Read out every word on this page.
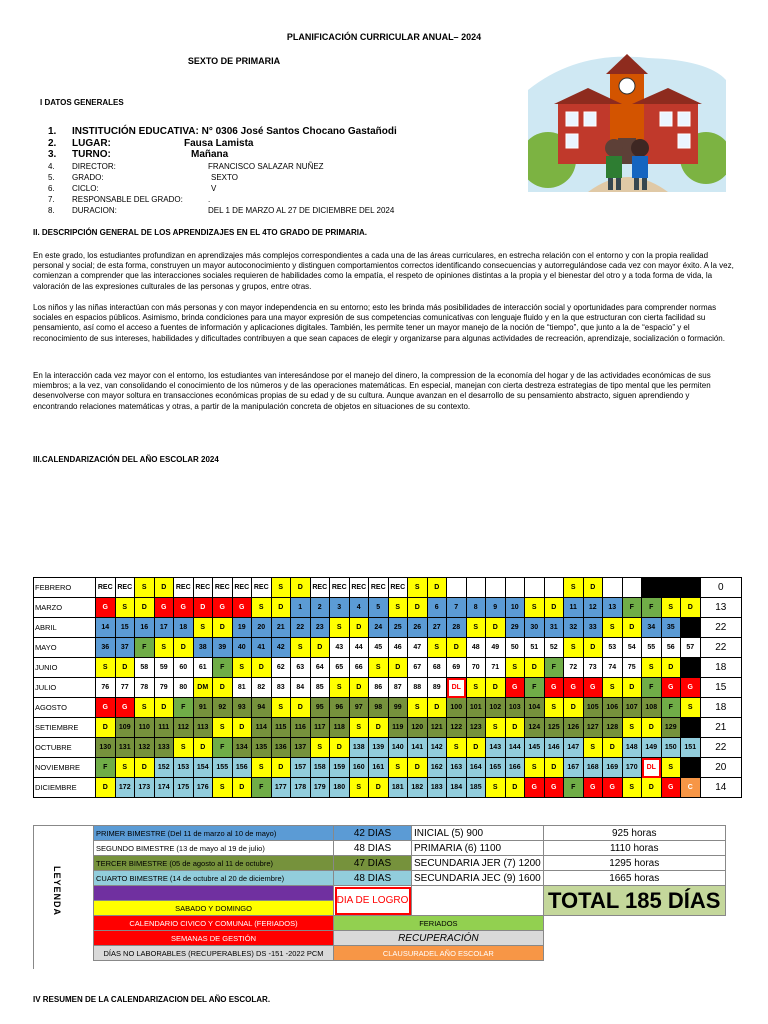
PLANIFICACIÓN CURRICULAR ANUAL– 2024
SEXTO DE PRIMARIA
I DATOS GENERALES
1. INSTITUCIÓN EDUCATIVA: N° 0306 José Santos Chocano Gastañodi
2. LUGAR:	Fausa Lamista
3. TURNO:	Mañana
4. DIRECTOR:	FRANCISCO SALAZAR NUÑEZ
5. GRADO:	SEXTO
6. CICLO:	V
7. RESPONSABLE DEL GRADO:	.
8. DURACION:	DEL 1 DE MARZO AL 27 DE DICIEMBRE DEL 2024
II. DESCRIPCIÓN GENERAL DE LOS APRENDIZAJES EN EL 4TO GRADO DE PRIMARIA.
En este grado, los estudiantes profundizan en aprendizajes más complejos correspondientes a cada una de las áreas curriculares, en estrecha relación con el entorno y con la propia realidad personal y social; de esta forma, construyen un mayor autoconocimiento y distinguen comportamientos correctos identificando consecuencias y autorregulándose cada vez con mayor éxito. A la vez, comienzan a comprender que las interacciones sociales requieren de habilidades como la empatía, el respeto de opiniones distintas a la propia y el bienestar del otro y a toda forma de vida, la valoración de las expresiones culturales de las personas y grupos, entre otras.
Los niños y las niñas interactúan con más personas y con mayor independencia en su entorno; esto les brinda más posibilidades de interacción social y oportunidades para comprender normas sociales en espacios públicos. Asimismo, brinda condiciones para una mayor expresión de sus competencias comunicativas con lenguaje fluido y en la que estructuran con cierta facilidad su pensamiento, así como el acceso a fuentes de información y aplicaciones digitales. También, les permite tener un mayor manejo de la noción de “tiempo”, que junto a la de “espacio” y el reconocimiento de sus intereses, habilidades y dificultades contribuyen a que sean capaces de elegir y organizarse para algunas actividades de recreación, aprendizaje, socialización o formación.
En la interacción cada vez mayor con el entorno, los estudiantes van interesándose por el manejo del dinero, la compression de la economía del hogar y de las actividades económicas de sus miembros; a la vez, van consolidando el conocimiento de los números y de las operaciones matemáticas. En especial, manejan con cierta destreza estrategias de tipo mental que les permiten desenvolverse con mayor soltura en transacciones económicas propias de su edad y de su cultura. Aunque avanzan en el desarrollo de su pensamiento abstracto, siguen aprendiendo y encontrando relaciones matemáticas y otras, a partir de la manipulación concreta de objetos en situaciones de su contexto.
III.CALENDARIZACIÓN DEL AÑO ESCOLAR 2024
FEBRERO	REC	REC	S	D	REC	REC	REC	REC	REC	S	D	REC	REC	REC	REC	REC	S	D							S	D						0
MARZO	G	S	D	G	G	D	G	G	S	D	1	2	3	4	5	S	D	6	7	8	9	10	S	D	11	12	13	F	F	S	D	13
ABRIL	14	15	16	17	18	S	D	19	20	21	22	23	S	D	24	25	26	27	28	S	D	29	30	31	32	33	S	D	34	35		22
MAYO	36	37	F	S	D	38	39	40	41	42	S	D	43	44	45	46	47	S	D	48	49	50	51	52	S	D	53	54	55	56	57	22
JUNIO	S	D	58	59	60	61	F	S	D	62	63	64	65	66	S	D	67	68	69	70	71	S	D	F	72	73	74	75	S	D		18
JULIO	76	77	78	79	80	DM	D	81	82	83	84	85	S	D	86	87	88	89	DL	S	D	G	F	G	G	G	S	D	F	G	G	15
AGOSTO	G	G	S	D	F	91	92	93	94	S	D	95	96	97	98	99	S	D	100	101	102	103	104	S	D	105	106	107	108	F	S	18
SETIEMBRE	D	109	110	111	112	113	S	D	114	115	116	117	118	S	D	119	120	121	122	123	S	D	124	125	126	127	128	S	D	129		21
OCTUBRE	130	131	132	133	S	D	F	134	135	136	137	S	D	138	139	140	141	142	S	D	143	144	145	146	147	S	D	148	149	150	151	22
NOVIEMBRE	F	S	D	152	153	154	155	156	S	D	157	158	159	160	161	S	D	162	163	164	165	166	S	D	167	168	169	170	DL	S		20
DICIEMBRE	D	172	173	174	175	176	S	D	F	177	178	179	180	S	D	181	182	183	184	185	S	D	G	G	F	G	G	S	D	G	C	14
LEYENDA
PRIMER BIMESTRE (Del 11 de marzo al 10 de mayo)	42 DIAS	INICIAL (5) 900	925 horas
SEGUNDO BIMESTRE (13 de mayo al 19 de julio)	48 DIAS	PRIMARIA (6) 1100	1110 horas
TERCER BIMESTRE (05 de agosto al 11 de octubre)	47 DIAS	SECUNDARIA JER (7) 1200	1295 horas
CUARTO BIMESTRE (14 de octubre al 20 de diciembre)	48 DIAS	SECUNDARIA JEC (9) 1600	1665 horas
	DIA DE LOGRO		TOTAL 185 DÍAS
SABADO Y DOMINGO			
CALENDARIO CIVICO Y COMUNAL (FERIADOS)	FERIADOS		
SEMANAS DE GESTIÓN	RECUPERACIÓN		
DÍAS NO LABORABLES (RECUPERABLES) DS -151 -2022 PCM	CLAUSURADEL AÑO ESCOLAR		
IV RESUMEN DE LA CALENDARIZACION DEL AÑO ESCOLAR.
